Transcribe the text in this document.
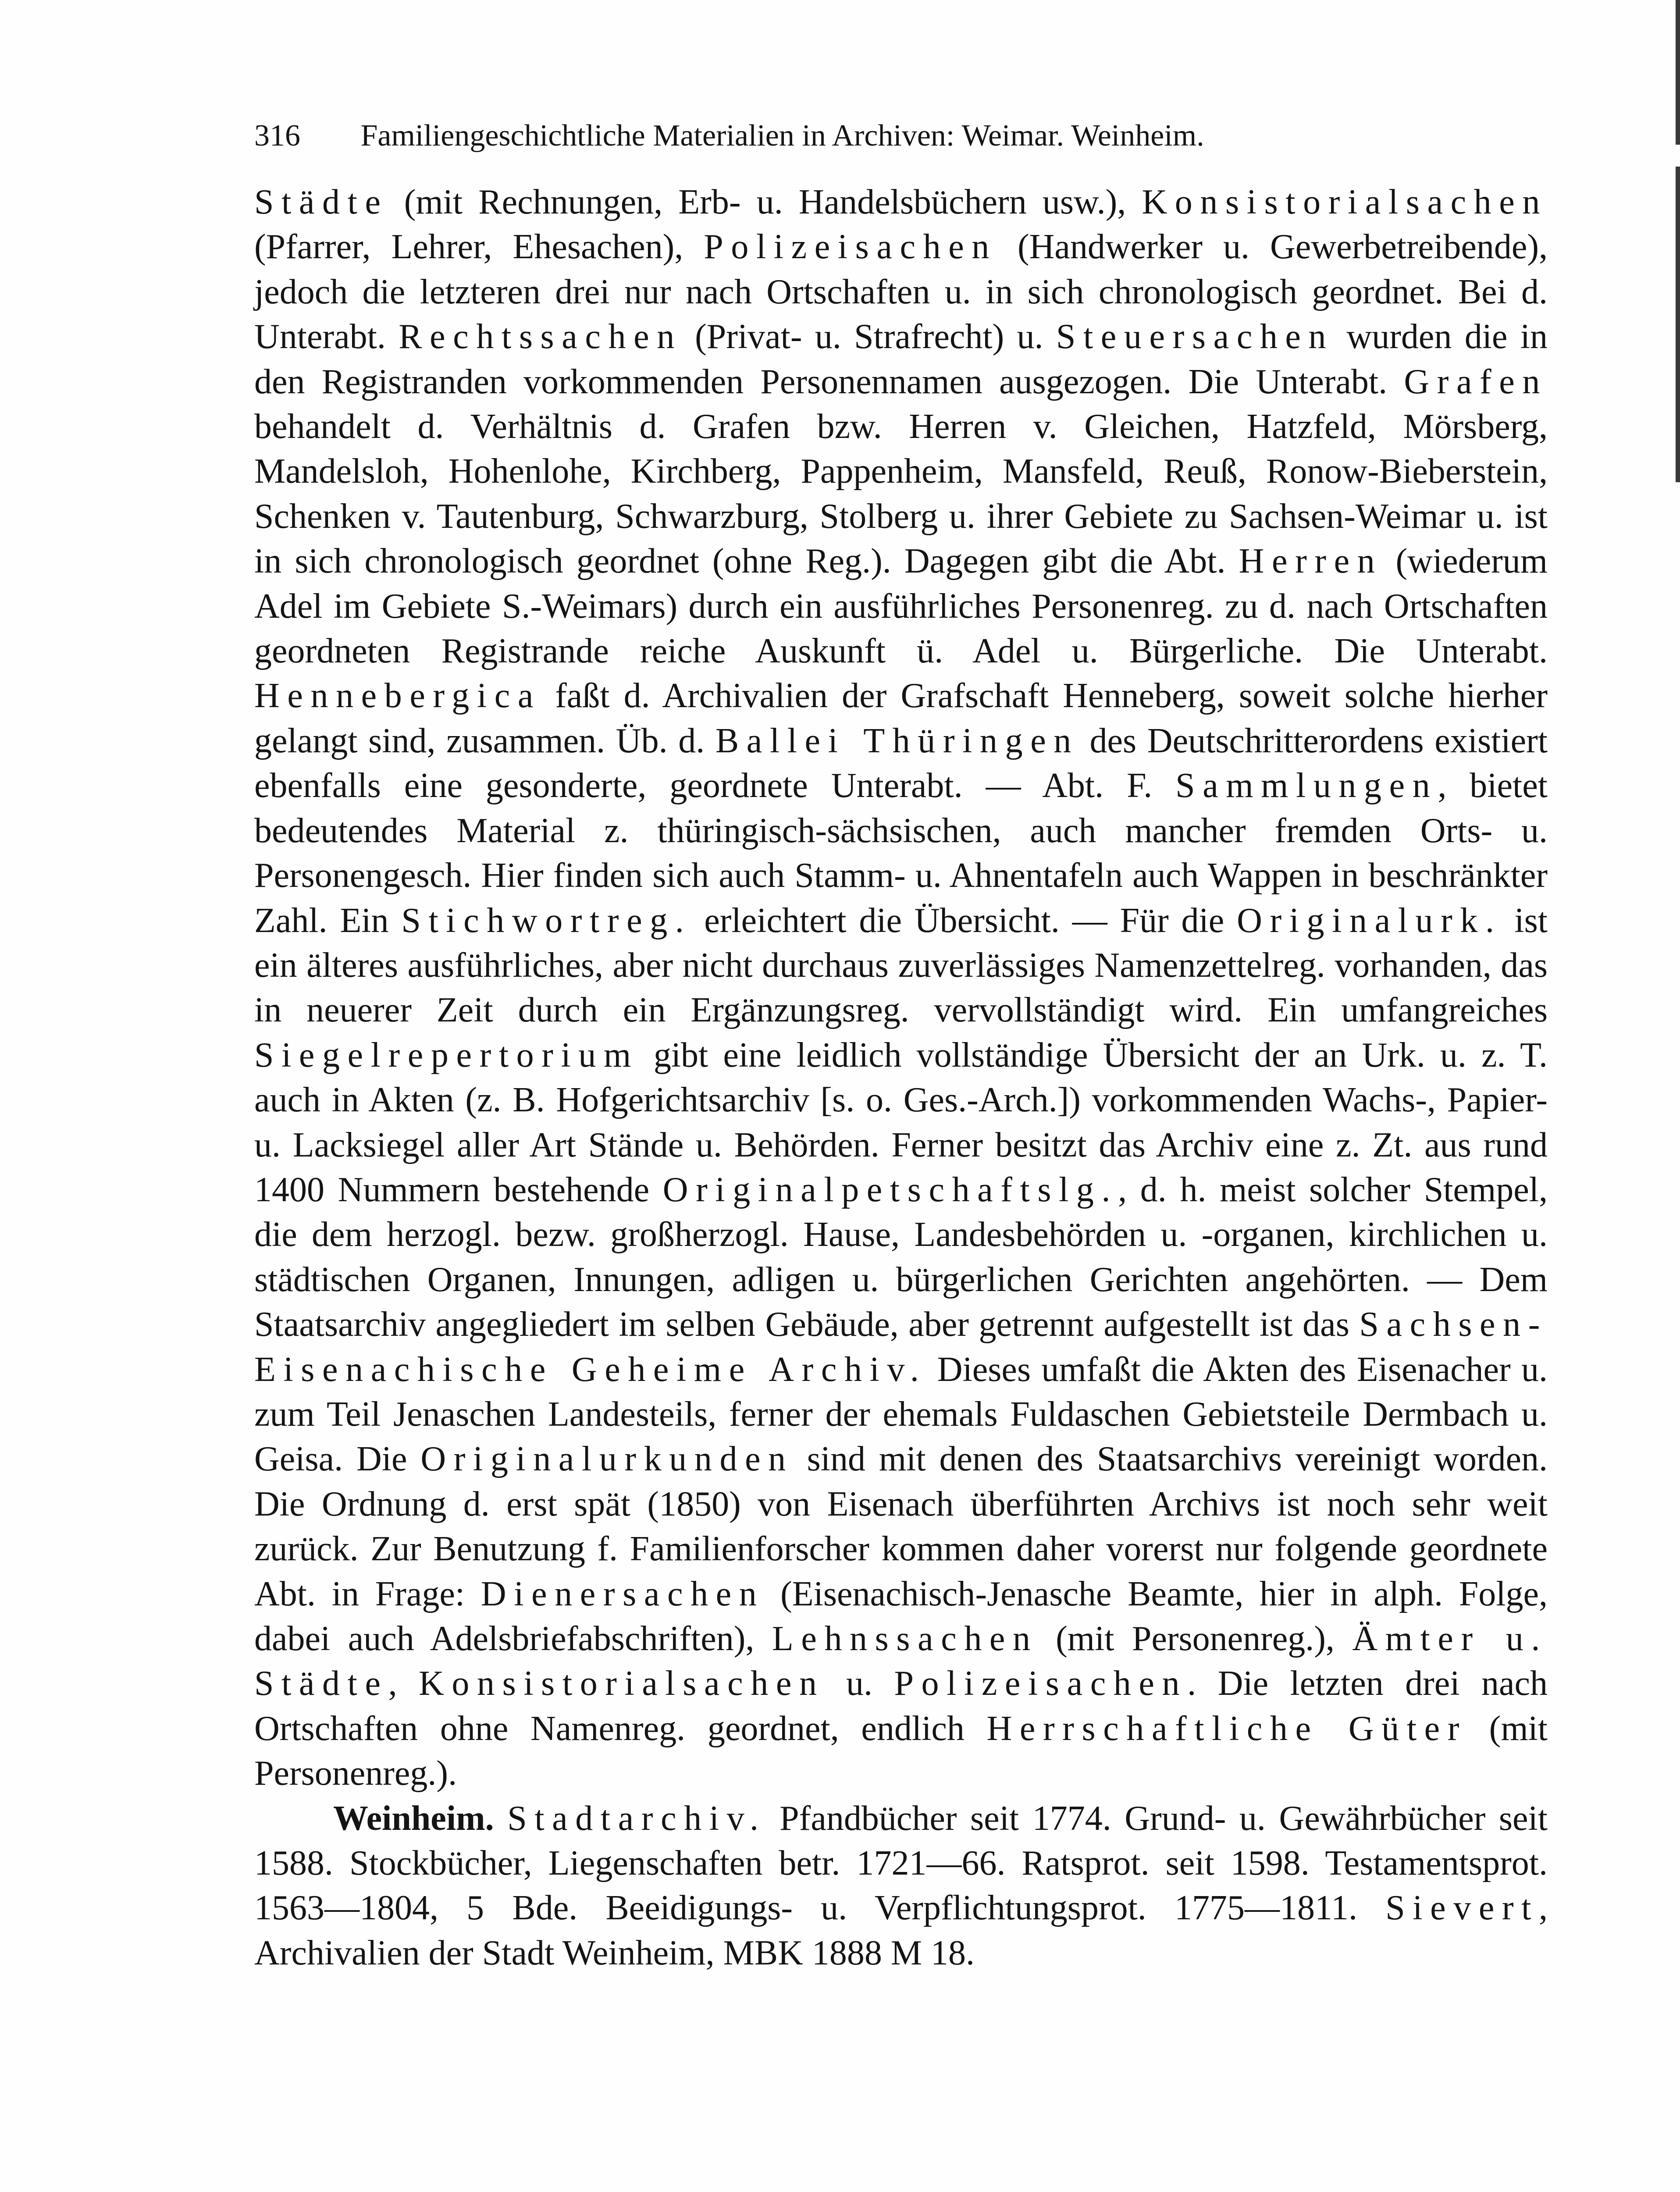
316 Familiengeschichtliche Materialien in Archiven: Weimar. Weinheim.

Städte (mit Rechnungen, Erb- u. Handelsbüchern usw.), Konsistorialsachen (Pfarrer, Lehrer, Ehesachen), Polizeisachen (Handwerker u. Gewerbetreibende), jedoch die letzteren drei nur nach Ortschaften u. in sich chronologisch geordnet. Bei d. Unterabt. Rechtssachen (Privat- u. Strafrecht) u. Steuersachen wurden die in den Registranden vorkommenden Personennamen ausgezogen. Die Unterabt. Grafen behandelt d. Verhältnis d. Grafen bzw. Herren v. Gleichen, Hatzfeld, Mörsberg, Mandelsloh, Hohenlohe, Kirchberg, Pappenheim, Mansfeld, Reuß, Ronow-Bieberstein, Schenken v. Tautenburg, Schwarzburg, Stolberg u. ihrer Gebiete zu Sachsen-Weimar u. ist in sich chronologisch geordnet (ohne Reg.). Dagegen gibt die Abt. Herren (wiederum Adel im Gebiete S.-Weimars) durch ein ausführliches Personenreg. zu d. nach Ortschaften geordneten Registrande reiche Auskunft ü. Adel u. Bürgerliche. Die Unterabt. Hennebergica faßt d. Archivalien der Grafschaft Henneberg, soweit solche hierher gelangt sind, zusammen. Üb. d. Ballei Thüringen des Deutschritterordens existiert ebenfalls eine gesonderte, geordnete Unterabt. — Abt. F. Sammlungen, bietet bedeutendes Material z. thüringisch-sächsischen, auch mancher fremden Orts- u. Personengesch. Hier finden sich auch Stamm- u. Ahnentafeln auch Wappen in beschränkter Zahl. Ein Stichwortreg. erleichtert die Übersicht. — Für die Originalurk. ist ein älteres ausführliches, aber nicht durchaus zuverlässiges Namenzettelreg. vorhanden, das in neuerer Zeit durch ein Ergänzungsreg. vervollständigt wird. Ein umfangreiches Siegelrepertorium gibt eine leidlich vollständige Übersicht der an Urk. u. z. T. auch in Akten (z. B. Hofgerichtsarchiv [s. o. Ges.-Arch.]) vorkommenden Wachs-, Papier- u. Lacksiegel aller Art Stände u. Behörden. Ferner besitzt das Archiv eine z. Zt. aus rund 1400 Nummern bestehende Originalpetschaftslg., d. h. meist solcher Stempel, die dem herzogl. bezw. großherzogl. Hause, Landesbehörden u. -organen, kirchlichen u. städtischen Organen, Innungen, adligen u. bürgerlichen Gerichten angehörten. — Dem Staatsarchiv angegliedert im selben Gebäude, aber getrennt aufgestellt ist das Sachsen-Eisenachische Geheime Archiv. Dieses umfaßt die Akten des Eisenacher u. zum Teil Jenaschen Landesteils, ferner der ehemals Fuldaschen Gebietsteile Dermbach u. Geisa. Die Originalurkunden sind mit denen des Staatsarchivs vereinigt worden. Die Ordnung d. erst spät (1850) von Eisenach überführten Archivs ist noch sehr weit zurück. Zur Benutzung f. Familienforscher kommen daher vorerst nur folgende geordnete Abt. in Frage: Dienersachen (Eisenachisch-Jenasche Beamte, hier in alph. Folge, dabei auch Adelsbriefabschriften), Lehnssachen (mit Personenreg.), Ämter u. Städte, Konsistorialsachen u. Polizeisachen. Die letzten drei nach Ortschaften ohne Namenreg. geordnet, endlich Herrschaftliche Güter (mit Personenreg.).

Weinheim. Stadtarchiv. Pfandbücher seit 1774. Grund- u. Gewährbücher seit 1588. Stockbücher, Liegenschaften betr. 1721—66. Ratsprot. seit 1598. Testamentsprot. 1563—1804, 5 Bde. Beeidigungs- u. Verpflichtungsprot. 1775—1811. Sievert, Archivalien der Stadt Weinheim, MBK 1888 M 18.
